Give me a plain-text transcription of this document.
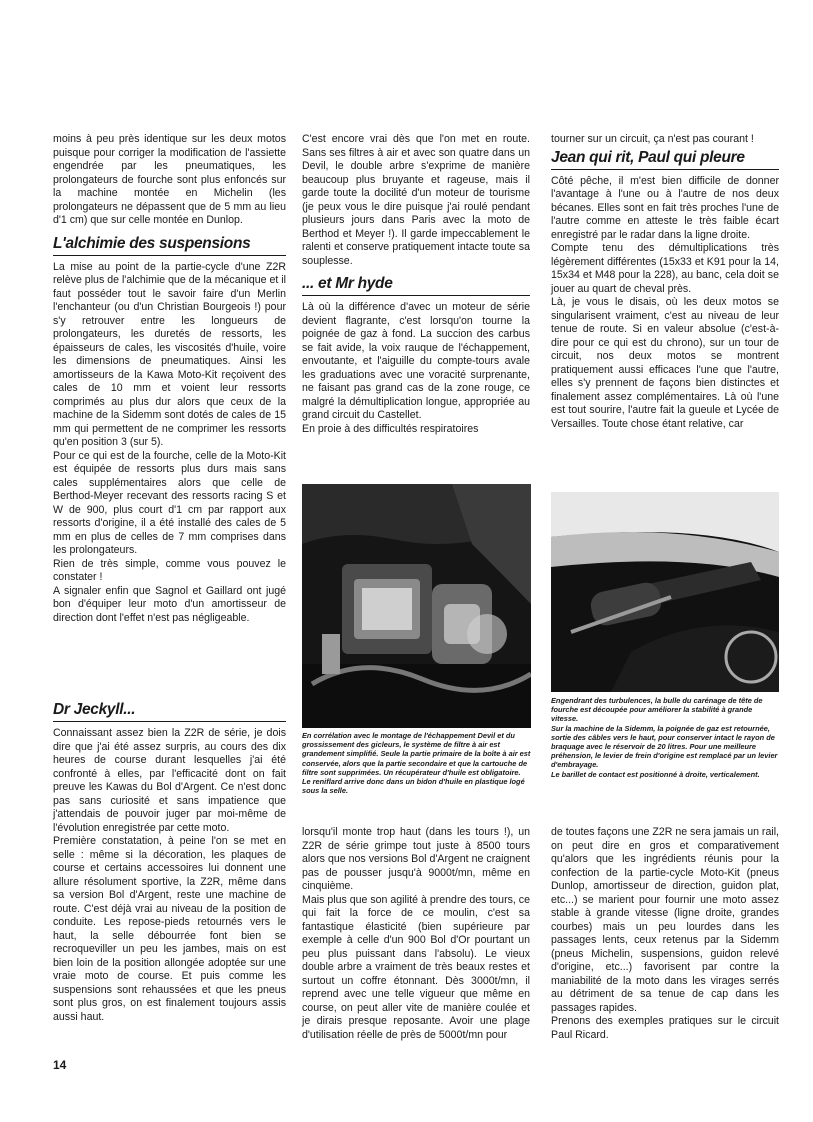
moins à peu près identique sur les deux motos puisque pour corriger la modification de l'assiette engendrée par les pneumatiques, les prolongateurs de fourche sont plus enfoncés sur la machine montée en Michelin (les prolongateurs ne dépassent que de 5 mm au lieu d'1 cm) que sur celle montée en Dunlop.

L'alchimie des suspensions

La mise au point de la partie-cycle d'une Z2R relève plus de l'alchimie que de la mécanique et il faut posséder tout le savoir faire d'un Merlin l'enchanteur (ou d'un Christian Bourgeois !) pour s'y retrouver entre les longueurs de prolongateurs, les duretés de ressorts, les épaisseurs de cales, les viscosités d'huile, voire les dimensions de pneumatiques. Ainsi les amortisseurs de la Kawa Moto-Kit reçoivent des cales de 10 mm et voient leur ressorts comprimés au plus dur alors que ceux de la machine de la Sidemm sont dotés de cales de 15 mm qui permettent de ne comprimer les ressorts qu'en position 3 (sur 5).

Pour ce qui est de la fourche, celle de la Moto-Kit est équipée de ressorts plus durs mais sans cales supplémentaires alors que celle de Berthod-Meyer recevant des ressorts racing S et W de 900, plus court d'1 cm par rapport aux ressorts d'origine, il a été installé des cales de 5 mm en plus de celles de 7 mm comprises dans les prolongateurs.

Rien de très simple, comme vous pouvez le constater !

A signaler enfin que Sagnol et Gaillard ont jugé bon d'équiper leur moto d'un amortisseur de direction dont l'effet n'est pas négligeable.

Dr Jeckyll...

Connaissant assez bien la Z2R de série, je dois dire que j'ai été assez surpris, au cours des dix heures de course durant lesquelles j'ai été confronté à elles, par l'efficacité dont on fait preuve les Kawas du Bol d'Argent. Ce n'est donc pas sans curiosité et sans impatience que j'attendais de pouvoir juger par moi-même de l'évolution enregistrée par cette moto.

Première constatation, à peine l'on se met en selle : même si la décoration, les plaques de course et certains accessoires lui donnent une allure résolument sportive, la Z2R, même dans sa version Bol d'Argent, reste une machine de route. C'est déjà vrai au niveau de la position de conduite. Les repose-pieds retournés vers le haut, la selle débourrée font bien se recroqueviller un peu les jambes, mais on est bien loin de la position allongée adoptée sur une vraie moto de course. Et puis comme les suspensions sont rehaussées et que les pneus sont plus gros, on est finalement toujours assis aussi haut.

C'est encore vrai dès que l'on met en route. Sans ses filtres à air et avec son quatre dans un Devil, le double arbre s'exprime de manière beaucoup plus bruyante et rageuse, mais il garde toute la docilité d'un moteur de tourisme (je peux vous le dire puisque j'ai roulé pendant plusieurs jours dans Paris avec la moto de Berthod et Meyer !). Il garde impeccablement le ralenti et conserve pratiquement intacte toute sa souplesse.

... et Mr hyde

Là où la différence d'avec un moteur de série devient flagrante, c'est lorsqu'on tourne la poignée de gaz à fond. La succion des carbus se fait avide, la voix rauque de l'échappement, envoutante, et l'aiguille du compte-tours avale les graduations avec une voracité surprenante, ne faisant pas grand cas de la zone rouge, ce malgré la démultiplication longue, appropriée au grand circuit du Castellet.

En proie à des difficultés respiratoires

En corrélation avec le montage de l'échappement Devil et du grossissement des gicleurs, le système de filtre à air est grandement simplifié. Seule la partie primaire de la boîte à air est conservée, alors que la partie secondaire et que la cartouche de filtre sont supprimées. Un récupérateur d'huile est obligatoire. Le reniflard arrive donc dans un bidon d'huile en plastique logé sous la selle.

lorsqu'il monte trop haut (dans les tours !), un Z2R de série grimpe tout juste à 8500 tours alors que nos versions Bol d'Argent ne craignent pas de pousser jusqu'à 9000t/mn, même en cinquième.

Mais plus que son agilité à prendre des tours, ce qui fait la force de ce moulin, c'est sa fantastique élasticité (bien supérieure par exemple à celle d'un 900 Bol d'Or pourtant un peu plus puissant dans l'absolu). Le vieux double arbre a vraiment de très beaux restes et surtout un coffre étonnant. Dès 3000t/mn, il reprend avec une telle vigueur que même en course, on peut aller vite de manière coulée et je dirais presque reposante. Avoir une plage d'utilisation réelle de près de 5000t/mn pour

tourner sur un circuit, ça n'est pas courant !

Jean qui rit, Paul qui pleure

Côté pêche, il m'est bien difficile de donner l'avantage à l'une ou à l'autre de nos deux bécanes. Elles sont en fait très proches l'une de l'autre comme en atteste le très faible écart enregistré par le radar dans la ligne droite.

Compte tenu des démultiplications très légèrement différentes (15x33 et K91 pour la 14, 15x34 et M48 pour la 228), au banc, cela doit se jouer au quart de cheval près.

Là, je vous le disais, où les deux motos se singularisent vraiment, c'est au niveau de leur tenue de route. Si en valeur absolue (c'est-à-dire pour ce qui est du chrono), sur un tour de circuit, nos deux motos se montrent pratiquement aussi efficaces l'une que l'autre, elles s'y prennent de façons bien distinctes et finalement assez complémentaires. Là où l'une est tout sourire, l'autre fait la gueule et Lycée de Versailles. Toute chose étant relative, car

Engendrant des turbulences, la bulle du carénage de tête de fourche est découpée pour améliorer la stabilité à grande vitesse.

Sur la machine de la Sidemm, la poignée de gaz est retournée, sortie des câbles vers le haut, pour conserver intact le rayon de braquage avec le réservoir de 20 litres. Pour une meilleure préhension, le levier de frein d'origine est remplacé par un levier d'embrayage.

Le barillet de contact est positionné à droite, verticalement.

de toutes façons une Z2R ne sera jamais un rail, on peut dire en gros et comparativement qu'alors que les ingrédients réunis pour la confection de la partie-cycle Moto-Kit (pneus Dunlop, amortisseur de direction, guidon plat, etc...) se marient pour fournir une moto assez stable à grande vitesse (ligne droite, grandes courbes) mais un peu lourdes dans les passages lents, ceux retenus par la Sidemm (pneus Michelin, suspensions, guidon relevé d'origine, etc...) favorisent par contre la maniabilité de la moto dans les virages serrés au détriment de sa tenue de cap dans les passages rapides.

Prenons des exemples pratiques sur le circuit Paul Ricard.

14
